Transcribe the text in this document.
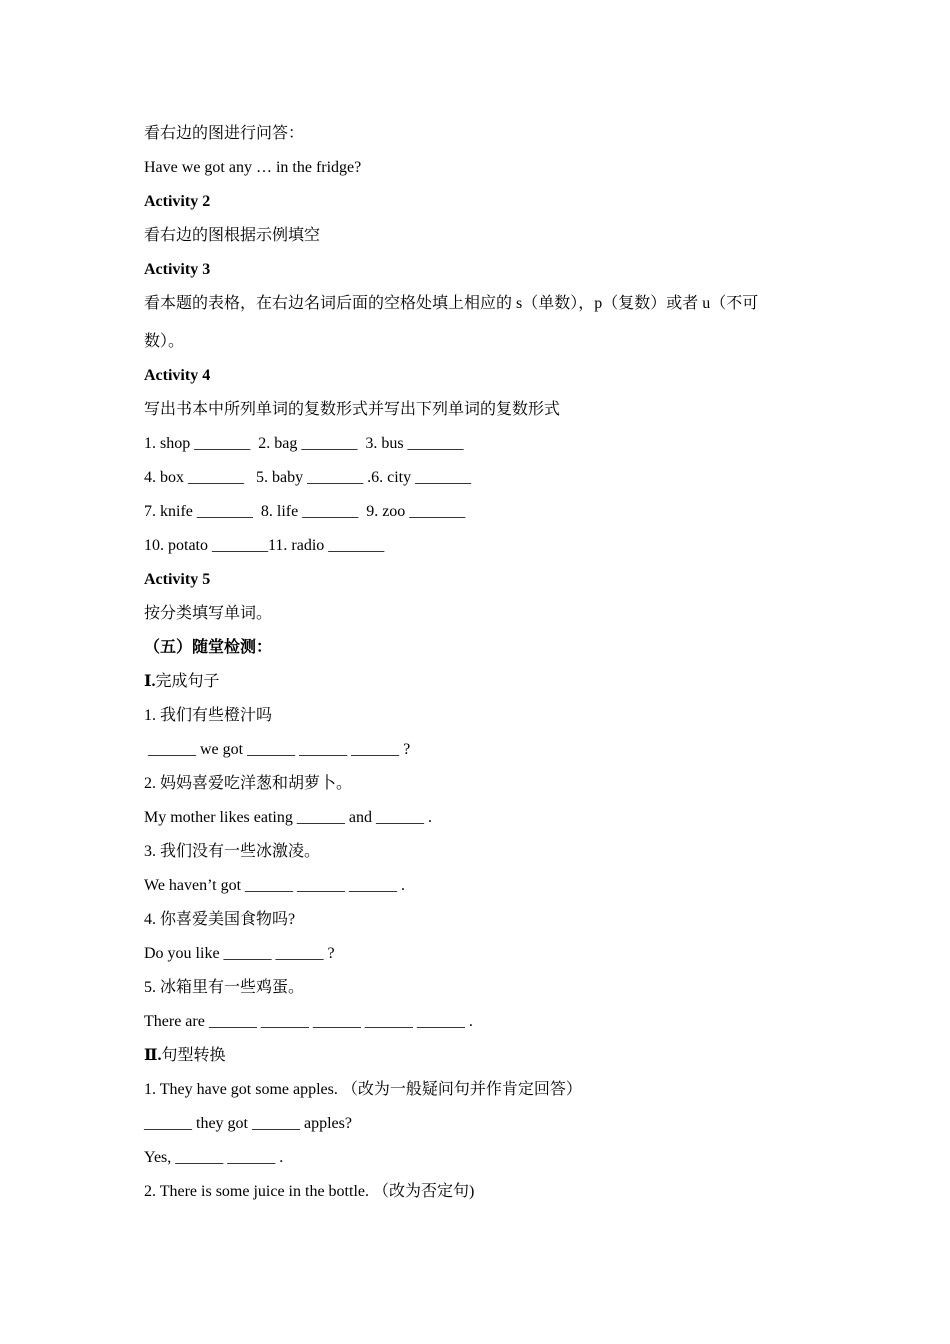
看右边的图进行问答：
Have we got any … in the fridge?
Activity 2
看右边的图根据示例填空
Activity 3
看本题的表格，在右边名词后面的空格处填上相应的 s（单数），p（复数）或者 u（不可
数）。
Activity 4
写出书本中所列单词的复数形式并写出下列单词的复数形式
1. shop _______  2. bag _______  3. bus _______
4. box _______   5. baby _______ .6. city _______
7. knife _______  8. life _______  9. zoo _______
10. potato _______11. radio _______
Activity 5
按分类填写单词。
（五）随堂检测：
Ⅰ.完成句子
1. 我们有些橙汁吗
______ we got ______ ______ ______ ?
2. 妈妈喜爱吃洋葱和胡萝卜。
My mother likes eating ______ and ______ .
3. 我们没有一些冰激凌。
We haven’t got ______ ______ ______ .
4. 你喜爱美国食物吗?
Do you like ______ ______ ?
5. 冰箱里有一些鸡蛋。
There are ______ ______ ______ ______ ______ .
Ⅱ.句型转换
1. They have got some apples. （改为一般疑问句并作肯定回答）
______ they got ______ apples?
Yes, ______ ______ .
2. There is some juice in the bottle. （改为否定句)
